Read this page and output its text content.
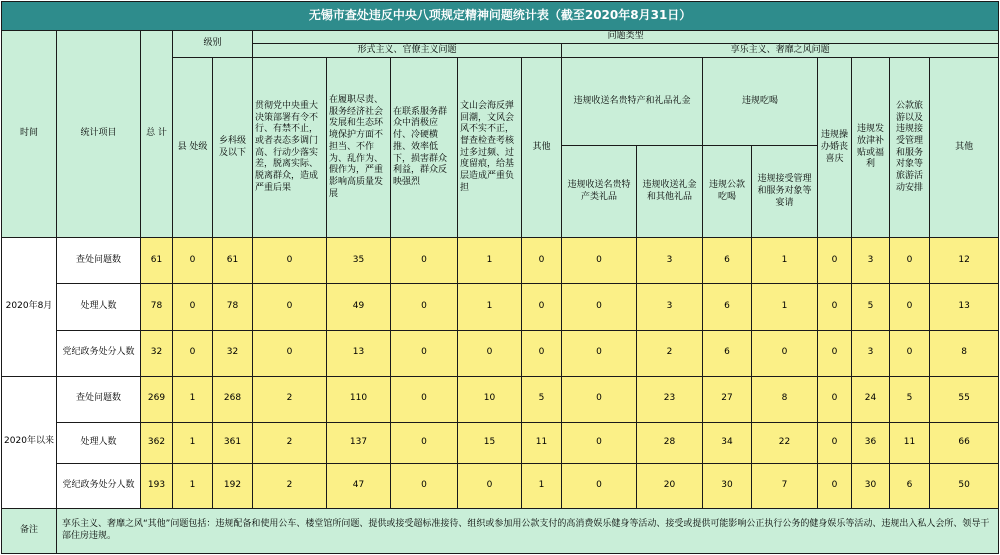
无锡市查处违反中央八项规定精神问题统计表（截至2020年8月31日）																	
时间	统计项目	总 计	级别		问题类型												
					形式主义、官僚主义问题					享乐主义、奢靡之风问题							
			县 处级	乡科级及以下	贯彻党中央重大决策部署有令不行、有禁不止，或者表态多调门高、行动少落实差，脱离实际、脱离群众，造成严重后果	在履职尽责、服务经济社会发展和生态环境保护方面不担当、不作为、乱作为、假作为，严重影响高质量发展	在联系服务群众中消极应付、冷硬横推、效率低下，损害群众利益，群众反映强烈	文山会海反弹回潮，文风会风不实不正，督查检查考核过多过频、过度留痕，给基层造成严重负担	其他	违规收送名贵特产和礼品礼金		违规吃喝		违规操办婚丧喜庆	违规发放津补贴或福利	公款旅游以及违规接受管理和服务对象等旅游活动安排	其他
										违规收送名贵特产类礼品	违规收送礼金和其他礼品	违规公款吃喝	违规接受管理和服务对象等宴请				
2020年8月	查处问题数	61	0	61	0	35	0	1	0	0	3	6	1	0	3	0	12
	处理人数	78	0	78	0	49	0	1	0	0	3	6	1	0	5	0	13
	党纪政务处分人数	32	0	32	0	13	0	0	0	0	2	6	0	0	3	0	8
2020年以来	查处问题数	269	1	268	2	110	0	10	5	0	23	27	8	0	24	5	55
	处理人数	362	1	361	2	137	0	15	11	0	28	34	22	0	36	11	66
	党纪政务处分人数	193	1	192	2	47	0	0	1	0	20	30	7	0	30	6	50
备注	享乐主义、奢靡之风“其他”问题包括：违规配备和使用公车、楼堂馆所问题、提供或接受超标准接待、组织或参加用公款支付的高消费娱乐健身等活动、接受或提供可能影响公正执行公务的健身娱乐等活动、违规出入私人会所、领导干部住房违规。																
